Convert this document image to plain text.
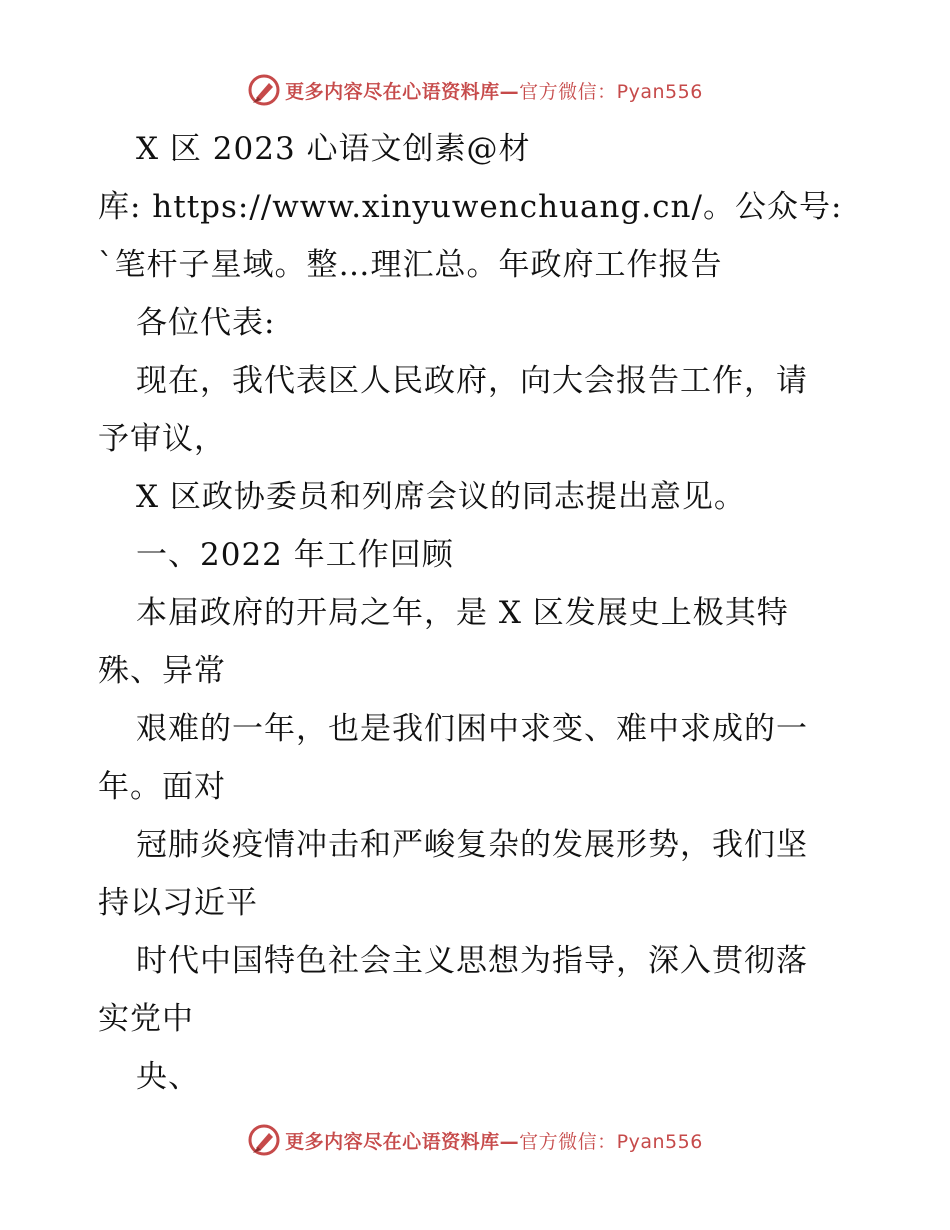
更多内容尽在心语资料库—官方微信：Pyan556
X 区 2023 心语文创素@材
库: https://www.xinyuwenchuang.cn/。公众号:
`笔杆子星域。整…理汇总。年政府工作报告
各位代表:
现在，我代表区人民政府，向大会报告工作，请
予审议，
X 区政协委员和列席会议的同志提出意见。
一、2022 年工作回顾
本届政府的开局之年，是 X 区发展史上极其特
殊、异常
艰难的一年，也是我们困中求变、难中求成的一
年。面对
冠肺炎疫情冲击和严峻复杂的发展形势，我们坚
持以习近平
时代中国特色社会主义思想为指导，深入贯彻落
实党中
央、
更多内容尽在心语资料库—官方微信：Pyan556
